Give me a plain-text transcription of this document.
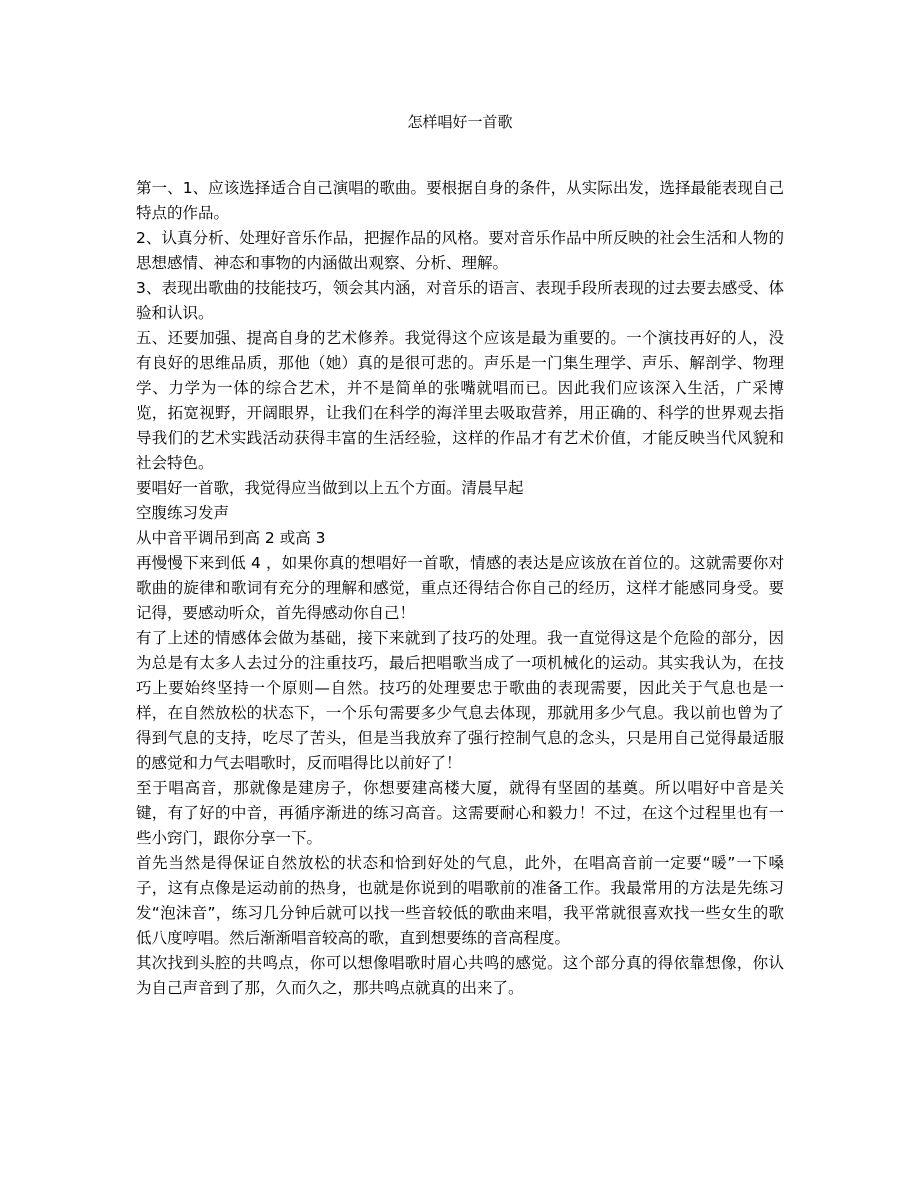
怎样唱好一首歌

第一、1、应该选择适合自己演唱的歌曲。要根据自身的条件，从实际出发，选择最能表现自己特点的作品。

2、认真分析、处理好音乐作品，把握作品的风格。要对音乐作品中所反映的社会生活和人物的思想感情、神态和事物的内涵做出观察、分析、理解。

3、表现出歌曲的技能技巧，领会其内涵，对音乐的语言、表现手段所表现的过去要去感受、体验和认识。

五、还要加强、提高自身的艺术修养。我觉得这个应该是最为重要的。一个演技再好的人，没有良好的思维品质，那他（她）真的是很可悲的。声乐是一门集生理学、声乐、解剖学、物理学、力学为一体的综合艺术，并不是简单的张嘴就唱而已。因此我们应该深入生活，广采博览，拓宽视野，开阔眼界，让我们在科学的海洋里去吸取营养，用正确的、科学的世界观去指导我们的艺术实践活动获得丰富的生活经验，这样的作品才有艺术价值，才能反映当代风貌和社会特色。

要唱好一首歌，我觉得应当做到以上五个方面。清晨早起

空腹练习发声

从中音平调吊到高 2 或高 3

再慢慢下来到低 4 ，如果你真的想唱好一首歌，情感的表达是应该放在首位的。这就需要你对歌曲的旋律和歌词有充分的理解和感觉，重点还得结合你自己的经历，这样才能感同身受。要记得，要感动听众，首先得感动你自己！

有了上述的情感体会做为基础，接下来就到了技巧的处理。我一直觉得这是个危险的部分，因为总是有太多人去过分的注重技巧，最后把唱歌当成了一项机械化的运动。其实我认为，在技巧上要始终坚持一个原则—自然。技巧的处理要忠于歌曲的表现需要，因此关于气息也是一样，在自然放松的状态下，一个乐句需要多少气息去体现，那就用多少气息。我以前也曾为了得到气息的支持，吃尽了苦头，但是当我放弃了强行控制气息的念头，只是用自己觉得最适服的感觉和力气去唱歌时，反而唱得比以前好了！

至于唱高音，那就像是建房子，你想要建高楼大厦，就得有坚固的基奠。所以唱好中音是关键，有了好的中音，再循序渐进的练习高音。这需要耐心和毅力！不过，在这个过程里也有一些小窍门，跟你分享一下。

首先当然是得保证自然放松的状态和恰到好处的气息，此外，在唱高音前一定要“暖”一下嗓子，这有点像是运动前的热身，也就是你说到的唱歌前的准备工作。我最常用的方法是先练习发“泡沫音”，练习几分钟后就可以找一些音较低的歌曲来唱，我平常就很喜欢找一些女生的歌低八度哼唱。然后渐渐唱音较高的歌，直到想要练的音高程度。

其次找到头腔的共鸣点，你可以想像唱歌时眉心共鸣的感觉。这个部分真的得依靠想像，你认为自己声音到了那，久而久之，那共鸣点就真的出来了。
